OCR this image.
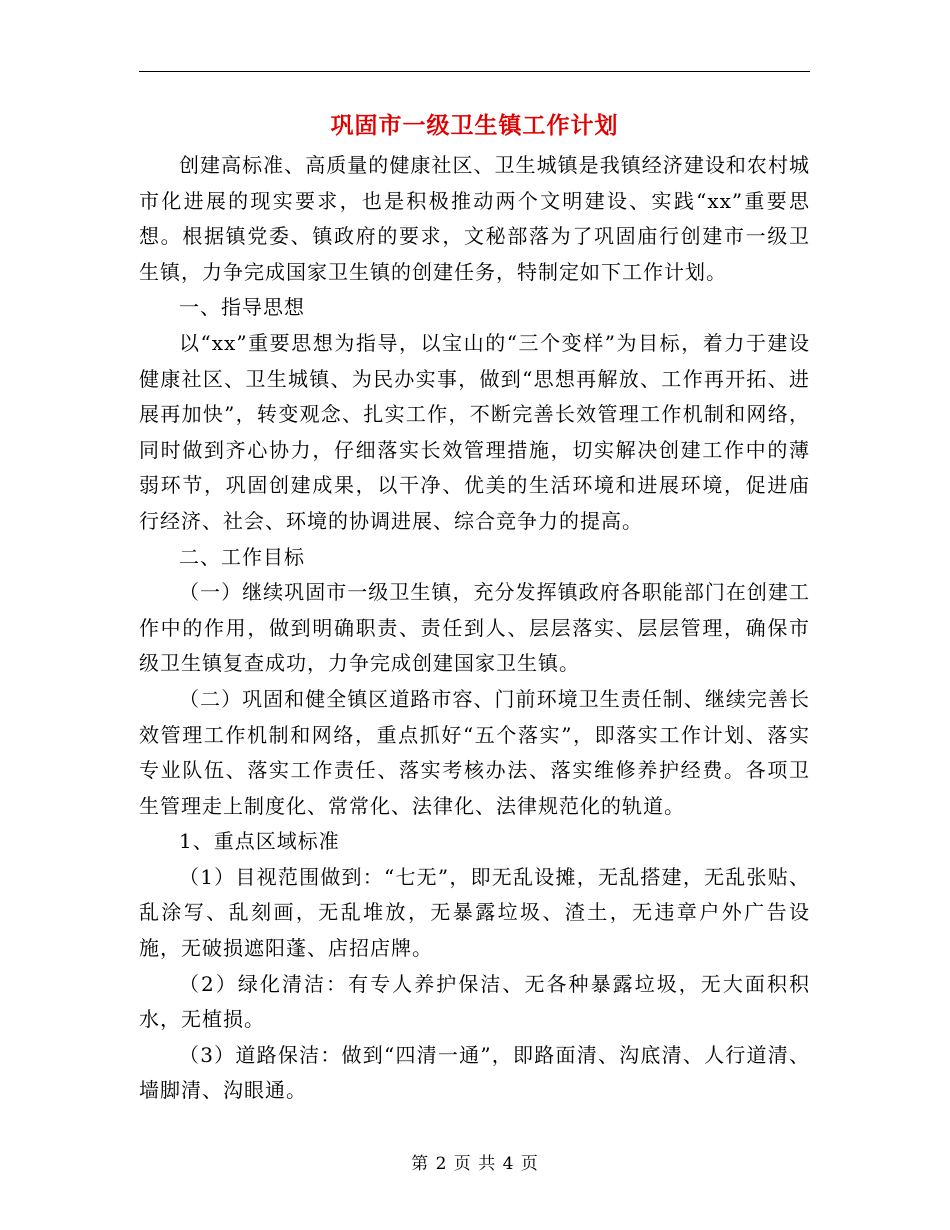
巩固市一级卫生镇工作计划

创建高标准、高质量的健康社区、卫生城镇是我镇经济建设和农村城市化进展的现实要求，也是积极推动两个文明建设、实践“xx”重要思想。根据镇党委、镇政府的要求，文秘部落为了巩固庙行创建市一级卫生镇，力争完成国家卫生镇的创建任务，特制定如下工作计划。

一、指导思想

以“xx”重要思想为指导，以宝山的“三个变样”为目标，着力于建设健康社区、卫生城镇、为民办实事，做到“思想再解放、工作再开拓、进展再加快”，转变观念、扎实工作，不断完善长效管理工作机制和网络，同时做到齐心协力，仔细落实长效管理措施，切实解决创建工作中的薄弱环节，巩固创建成果，以干净、优美的生活环境和进展环境，促进庙行经济、社会、环境的协调进展、综合竞争力的提高。

二、工作目标

（一）继续巩固市一级卫生镇，充分发挥镇政府各职能部门在创建工作中的作用，做到明确职责、责任到人、层层落实、层层管理，确保市级卫生镇复查成功，力争完成创建国家卫生镇。

（二）巩固和健全镇区道路市容、门前环境卫生责任制、继续完善长效管理工作机制和网络，重点抓好“五个落实”，即落实工作计划、落实专业队伍、落实工作责任、落实考核办法、落实维修养护经费。各项卫生管理走上制度化、常常化、法律化、法律规范化的轨道。

1、重点区域标准

（1）目视范围做到：“七无”，即无乱设摊，无乱搭建，无乱张贴、乱涂写、乱刻画，无乱堆放，无暴露垃圾、渣土，无违章户外广告设施，无破损遮阳蓬、店招店牌。

（2）绿化清洁：有专人养护保洁、无各种暴露垃圾，无大面积积水，无植损。

（3）道路保洁：做到“四清一通”，即路面清、沟底清、人行道清、墙脚清、沟眼通。

第 2 页 共 4 页
